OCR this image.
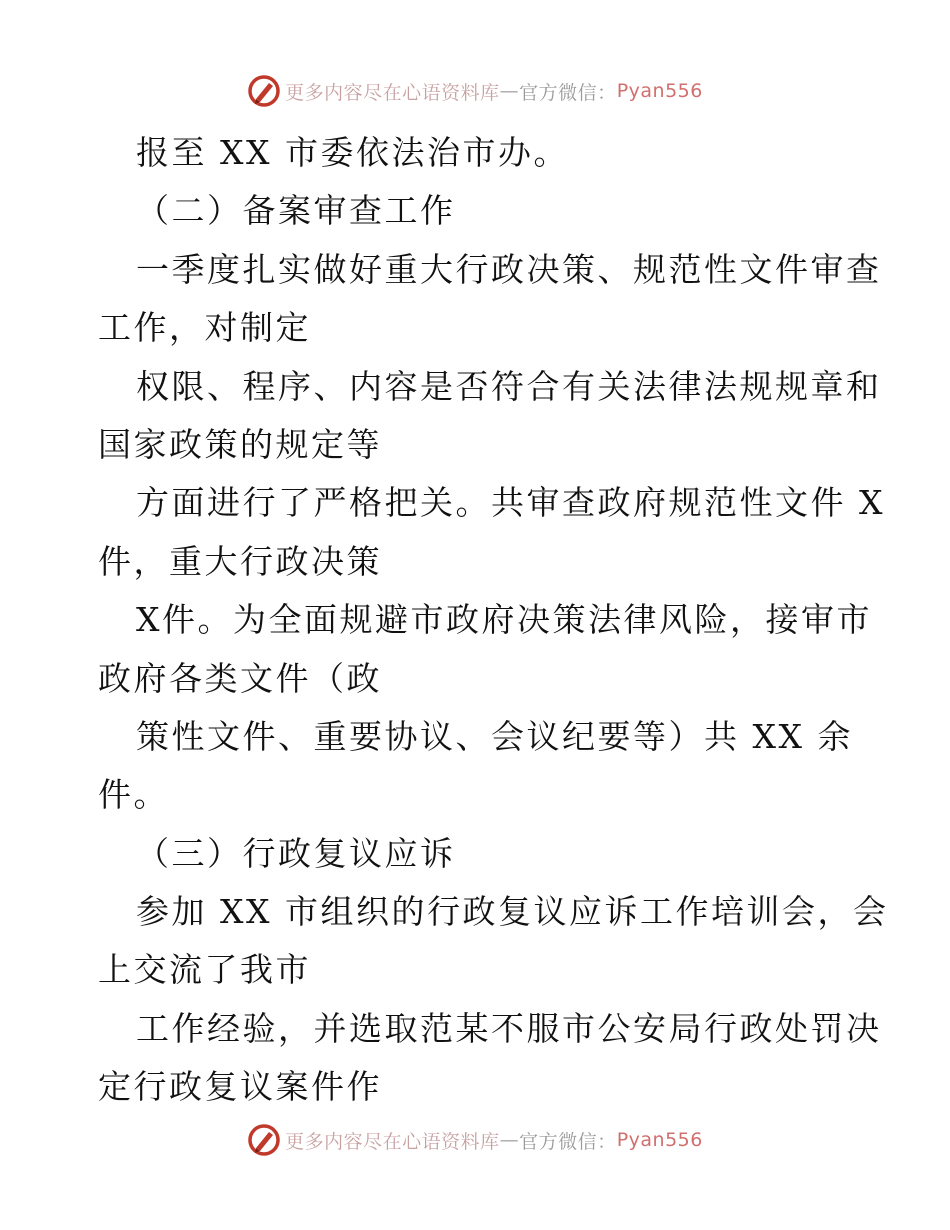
更多内容尽在心语资料库 — 官方微信： Pyan556
报至 XX 市委依法治市办。
（二）备案审查工作
一季度扎实做好重大行政决策、规范性文件审查
工作，对制定
权限、程序、内容是否符合有关法律法规规章和
国家政策的规定等
方面进行了严格把关。共审查政府规范性文件 X
件，重大行政决策
X件。为全面规避市政府决策法律风险，接审市
政府各类文件（政
策性文件、重要协议、会议纪要等）共 XX 余
件。
（三）行政复议应诉
参加 XX 市组织的行政复议应诉工作培训会，会
上交流了我市
工作经验，并选取范某不服市公安局行政处罚决
定行政复议案件作
更多内容尽在心语资料库 — 官方微信： Pyan556
